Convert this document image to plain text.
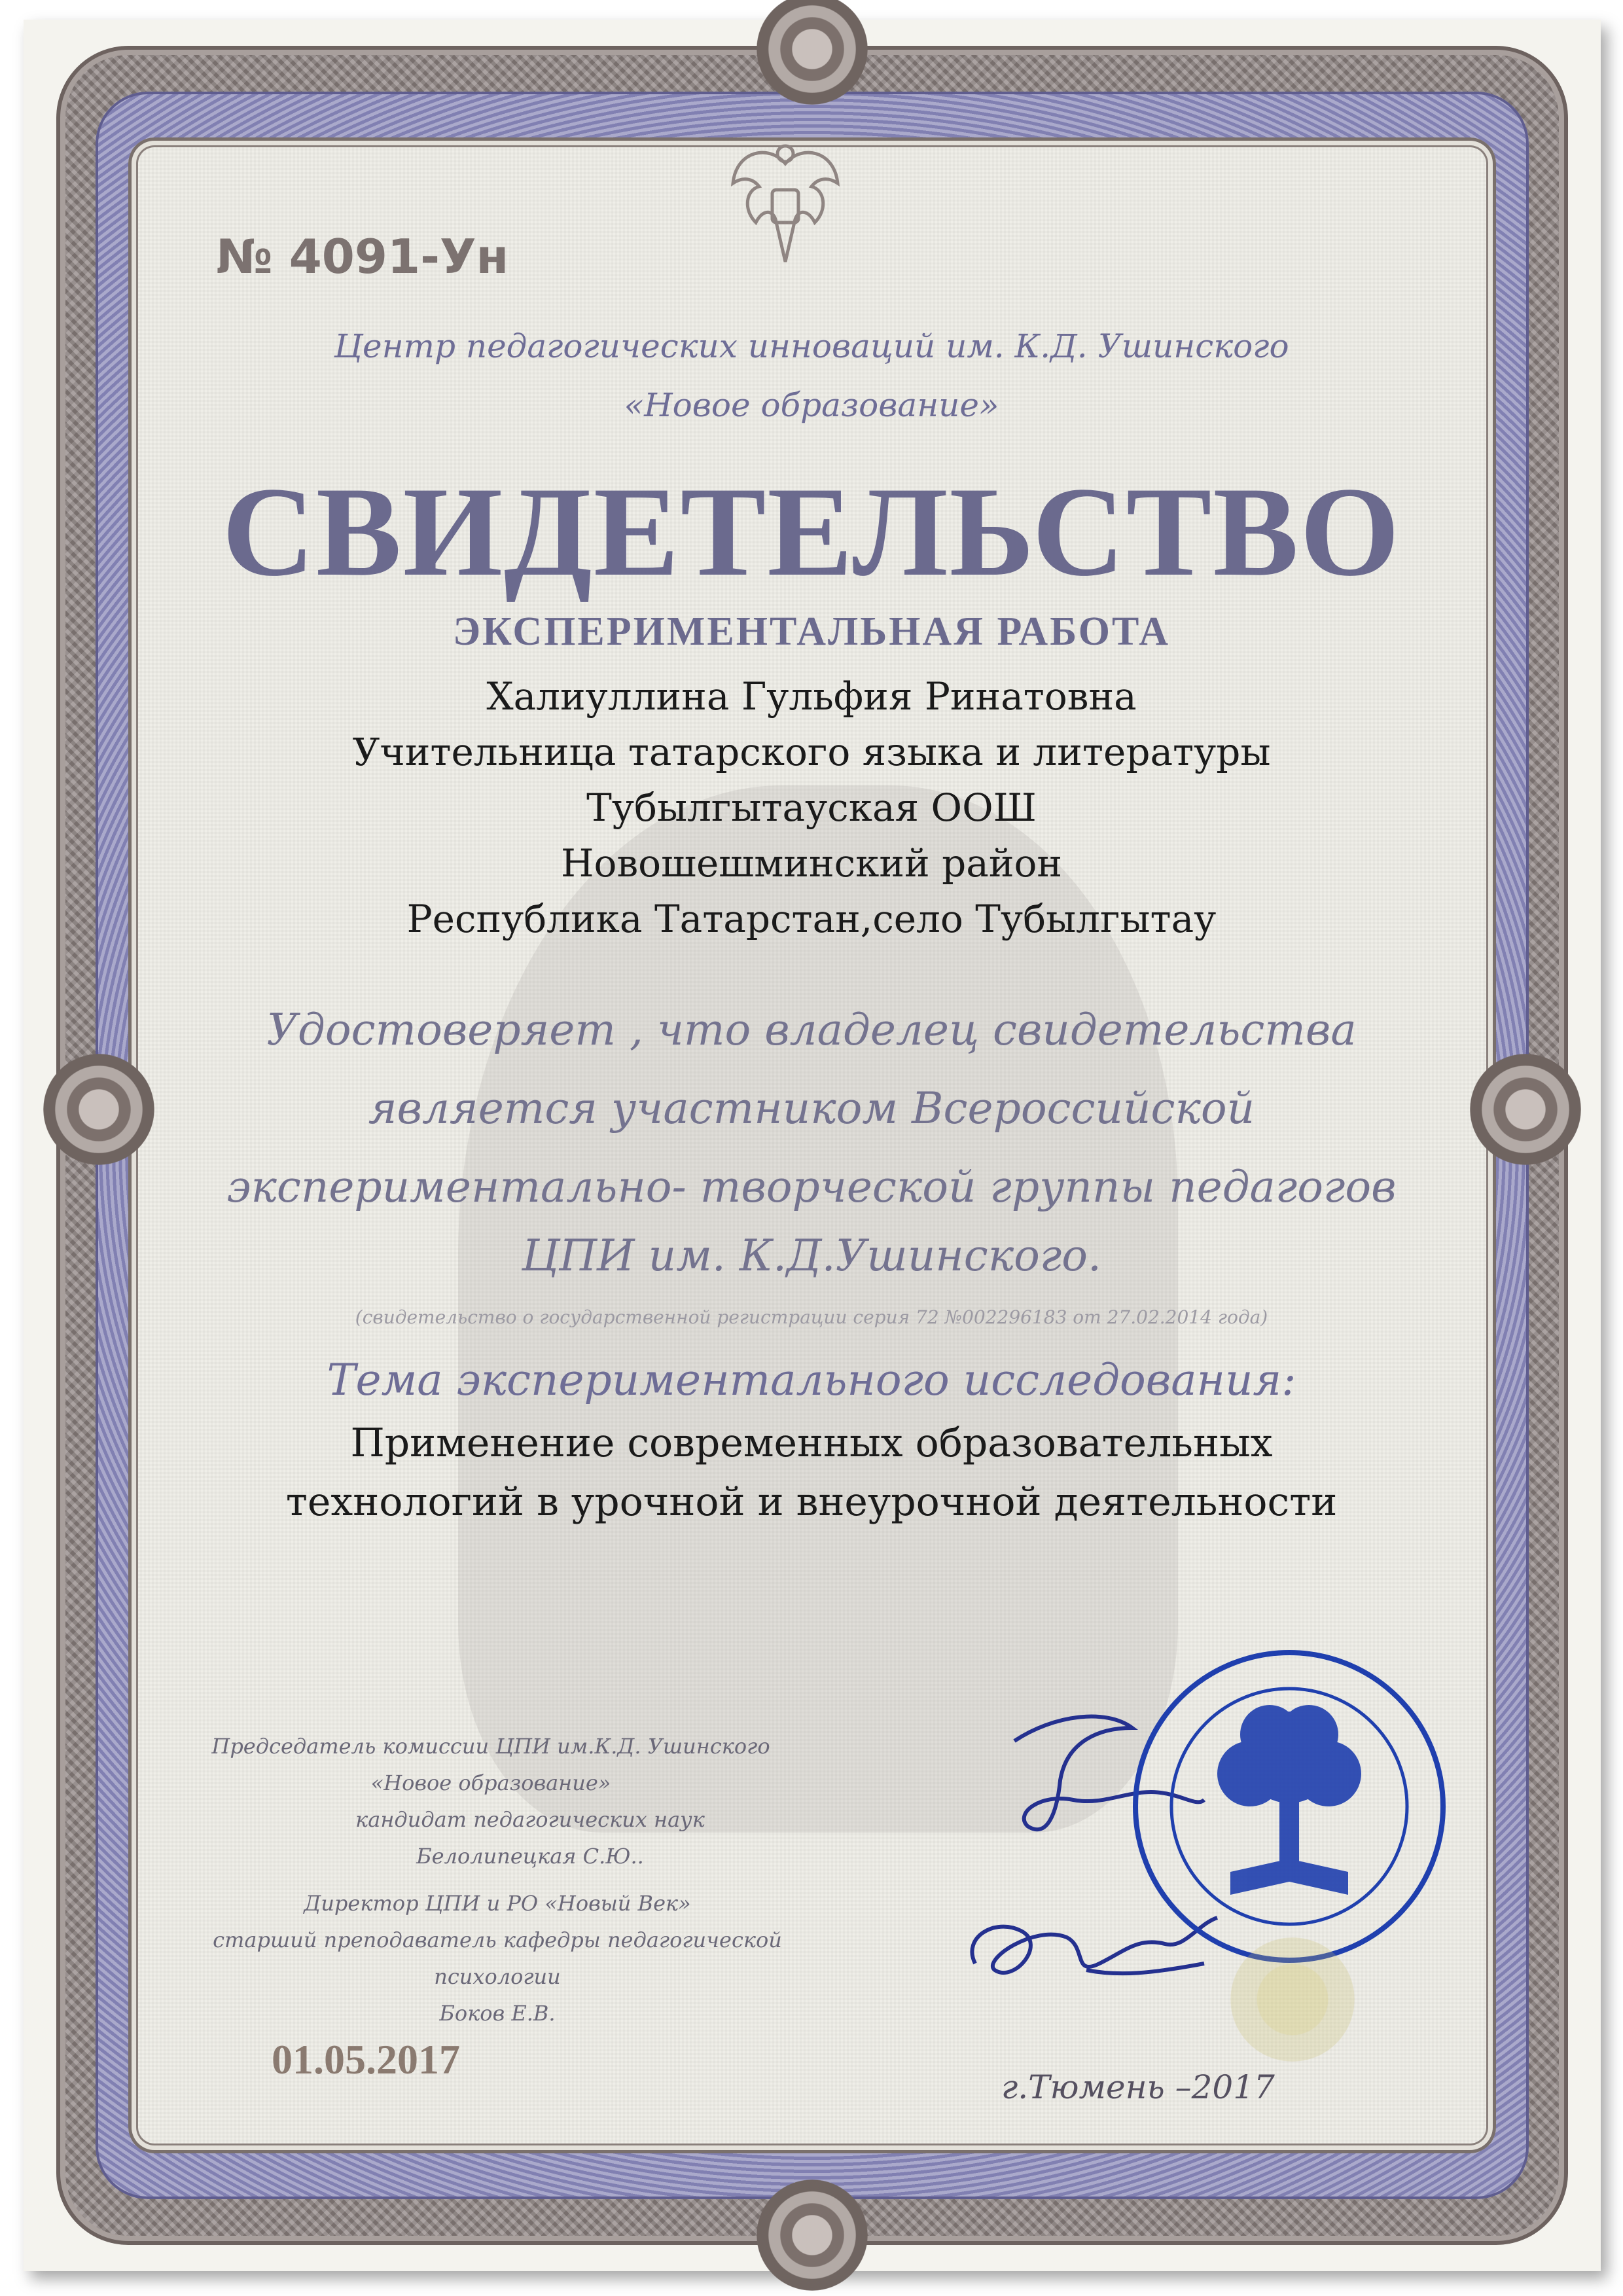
№ 4091-Ун

Центр педагогических инноваций им. К.Д. Ушинского

«Новое образование»

СВИДЕТЕЛЬСТВО

ЭКСПЕРИМЕНТАЛЬНАЯ РАБОТА

Халиуллина Гульфия Ринатовна

Учительница татарского языка и литературы

Тубылгытауская ООШ

Новошешминский район

Республика Татарстан,село Тубылгытау

Удостоверяет , что владелец свидетельства

является участником Всероссийской

экспериментально- творческой группы педагогов

ЦПИ им. К.Д.Ушинского.

(свидетельство о государственной регистрации серия 72 №002296183 от 27.02.2014 года)

Тема экспериментального исследования:

Применение современных образовательных

технологий в урочной и внеурочной деятельности

Председатель комиссии ЦПИ им.К.Д. Ушинского
«Новое образование»
кандидат педагогических наук Белолипецкая С.Ю..
Директор ЦПИ и РО «Новый Век»
старший преподаватель кафедры педагогической психологии
Боков Е.В.
01.05.2017
г.Тюмень –2017
